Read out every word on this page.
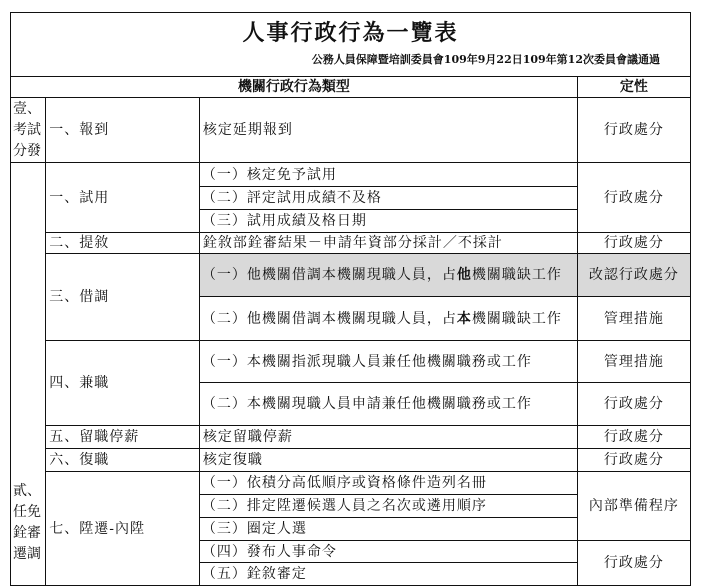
人事行政行為一覽表
公務人員保障暨培訓委員會109年9月22日109年第12次委員會議通過			

機關行政行為類型			定性
壹、考試分發	一、報到	核定延期報到	行政處分
貳、任免銓審遷調	一、試用	（一）核定免予試用	行政處分
		（二）評定試用成績不及格	
		（三）試用成績及格日期	
	二、提敘	銓敘部銓審結果－申請年資部分採計／不採計	行政處分
	三、借調	（一）他機關借調本機關現職人員，占他機關職缺工作	改認行政處分
		（二）他機關借調本機關現職人員，占本機關職缺工作	管理措施
	四、兼職	（一）本機關指派現職人員兼任他機關職務或工作	管理措施
		（二）本機關現職人員申請兼任他機關職務或工作	行政處分
	五、留職停薪	核定留職停薪	行政處分
	六、復職	核定復職	行政處分
	七、陞遷-內陞	（一）依積分高低順序或資格條件造列名冊	內部準備程序
		（二）排定陞遷候選人員之名次或遴用順序	
		（三）圈定人選	
		（四）發布人事命令	行政處分
		（五）銓敘審定	
